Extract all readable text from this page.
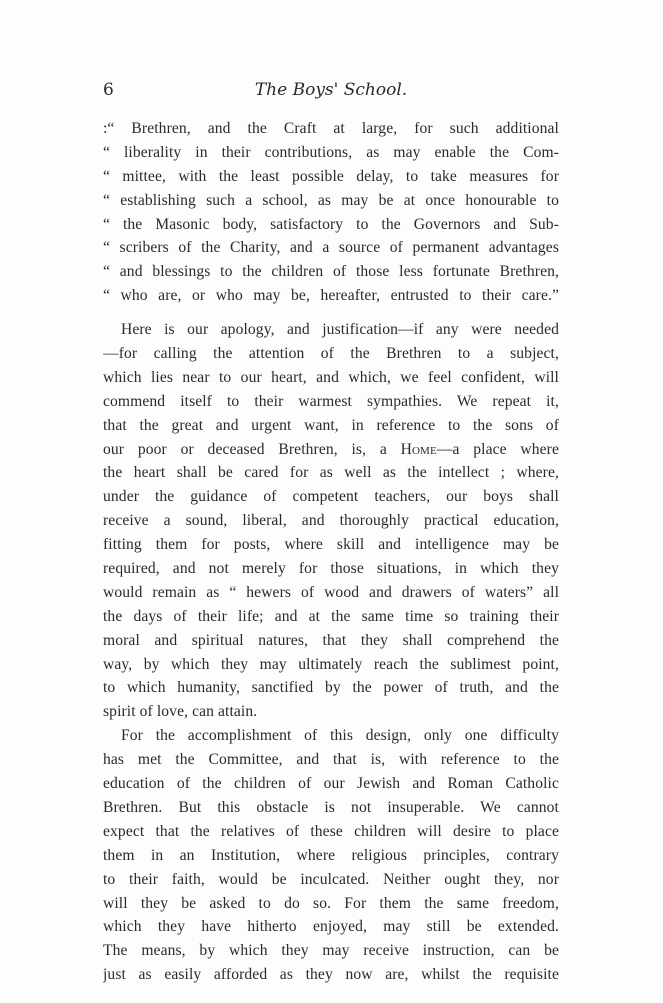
6	The Boys' School.
:“ Brethren, and the Craft at large, for such additional
“ liberality in their contributions, as may enable the Com-
“ mittee, with the least possible delay, to take measures for
“ establishing such a school, as may be at once honourable to
“ the Masonic body, satisfactory to the Governors and Sub-
“ scribers of the Charity, and a source of permanent advantages
“ and blessings to the children of those less fortunate Brethren,
“ who are, or who may be, hereafter, entrusted to their care.”
Here is our apology, and justification—if any were needed
—for calling the attention of the Brethren to a subject,
which lies near to our heart, and which, we feel confident, will
commend itself to their warmest sympathies. We repeat it,
that the great and urgent want, in reference to the sons of
our poor or deceased Brethren, is, a Home—a place where
the heart shall be cared for as well as the intellect ; where,
under the guidance of competent teachers, our boys shall
receive a sound, liberal, and thoroughly practical education,
fitting them for posts, where skill and intelligence may be
required, and not merely for those situations, in which they
would remain as “ hewers of wood and drawers of waters” all
the days of their life; and at the same time so training their
moral and spiritual natures, that they shall comprehend the
way, by which they may ultimately reach the sublimest point,
to which humanity, sanctified by the power of truth, and the
spirit of love, can attain.
For the accomplishment of this design, only one difficulty
has met the Committee, and that is, with reference to the
education of the children of our Jewish and Roman Catholic
Brethren. But this obstacle is not insuperable. We cannot
expect that the relatives of these children will desire to place
them in an Institution, where religious principles, contrary
to their faith, would be inculcated. Neither ought they, nor
will they be asked to do so. For them the same freedom,
which they have hitherto enjoyed, may still be extended.
The means, by which they may receive instruction, can be
just as easily afforded as they now are, whilst the requisite
